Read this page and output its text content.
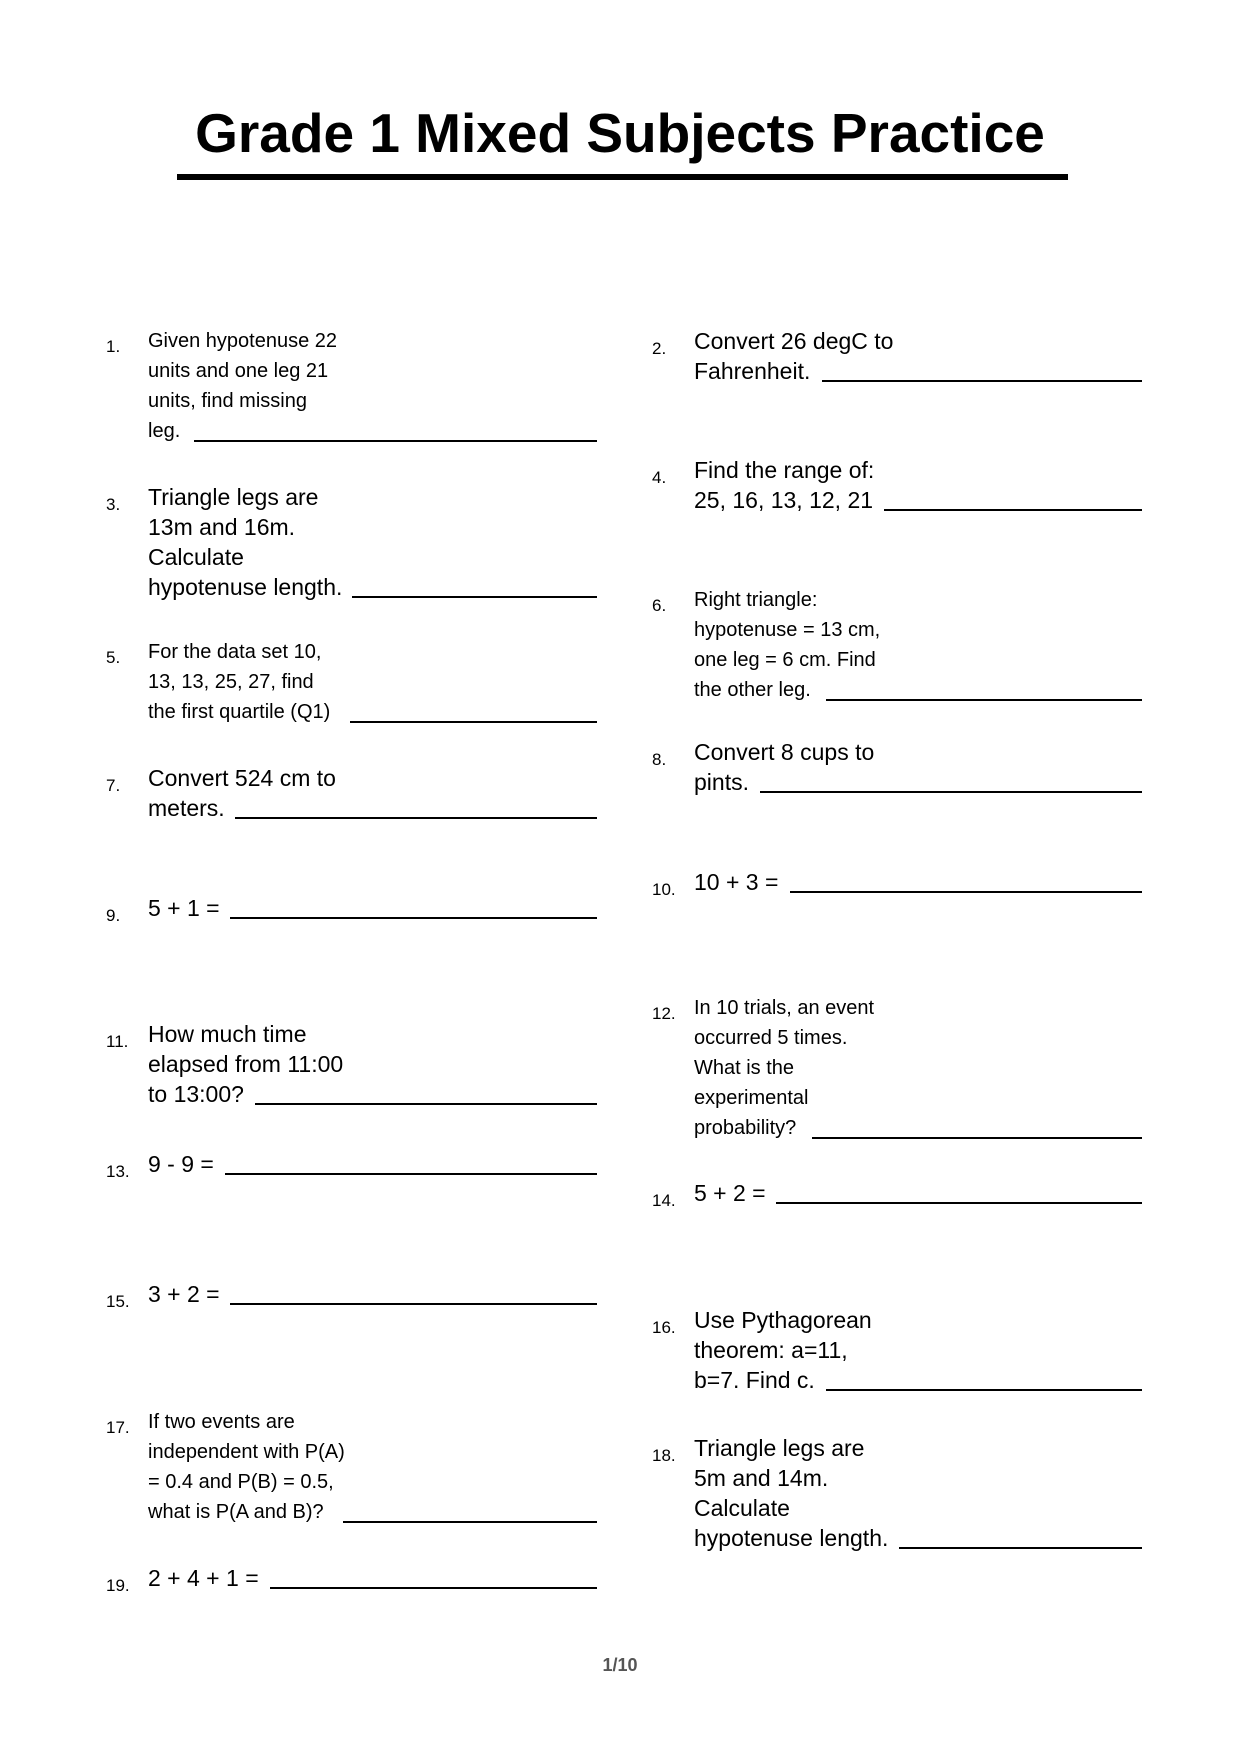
Grade 1 Mixed Subjects Practice
1. Given hypotenuse 22
units and one leg 21
units, find missing
leg.
2. Convert 26 degC to
Fahrenheit.
3. Triangle legs are
13m and 16m.
Calculate
hypotenuse length.
4. Find the range of:
25, 16, 13, 12, 21
5. For the data set 10,
13, 13, 25, 27, find
the first quartile (Q1)
6. Right triangle:
hypotenuse = 13 cm,
one leg = 6 cm. Find
the other leg.
7. Convert 524 cm to
meters.
8. Convert 8 cups to
pints.
9. 5 + 1 =
10. 10 + 3 =
11. How much time
elapsed from 11:00
to 13:00?
12. In 10 trials, an event
occurred 5 times.
What is the
experimental
probability?
13. 9 - 9 =
14. 5 + 2 =
15. 3 + 2 =
16. Use Pythagorean
theorem: a=11,
b=7. Find c.
17. If two events are
independent with P(A)
= 0.4 and P(B) = 0.5,
what is P(A and B)?
18. Triangle legs are
5m and 14m.
Calculate
hypotenuse length.
19. 2 + 4 + 1 =
1/10
